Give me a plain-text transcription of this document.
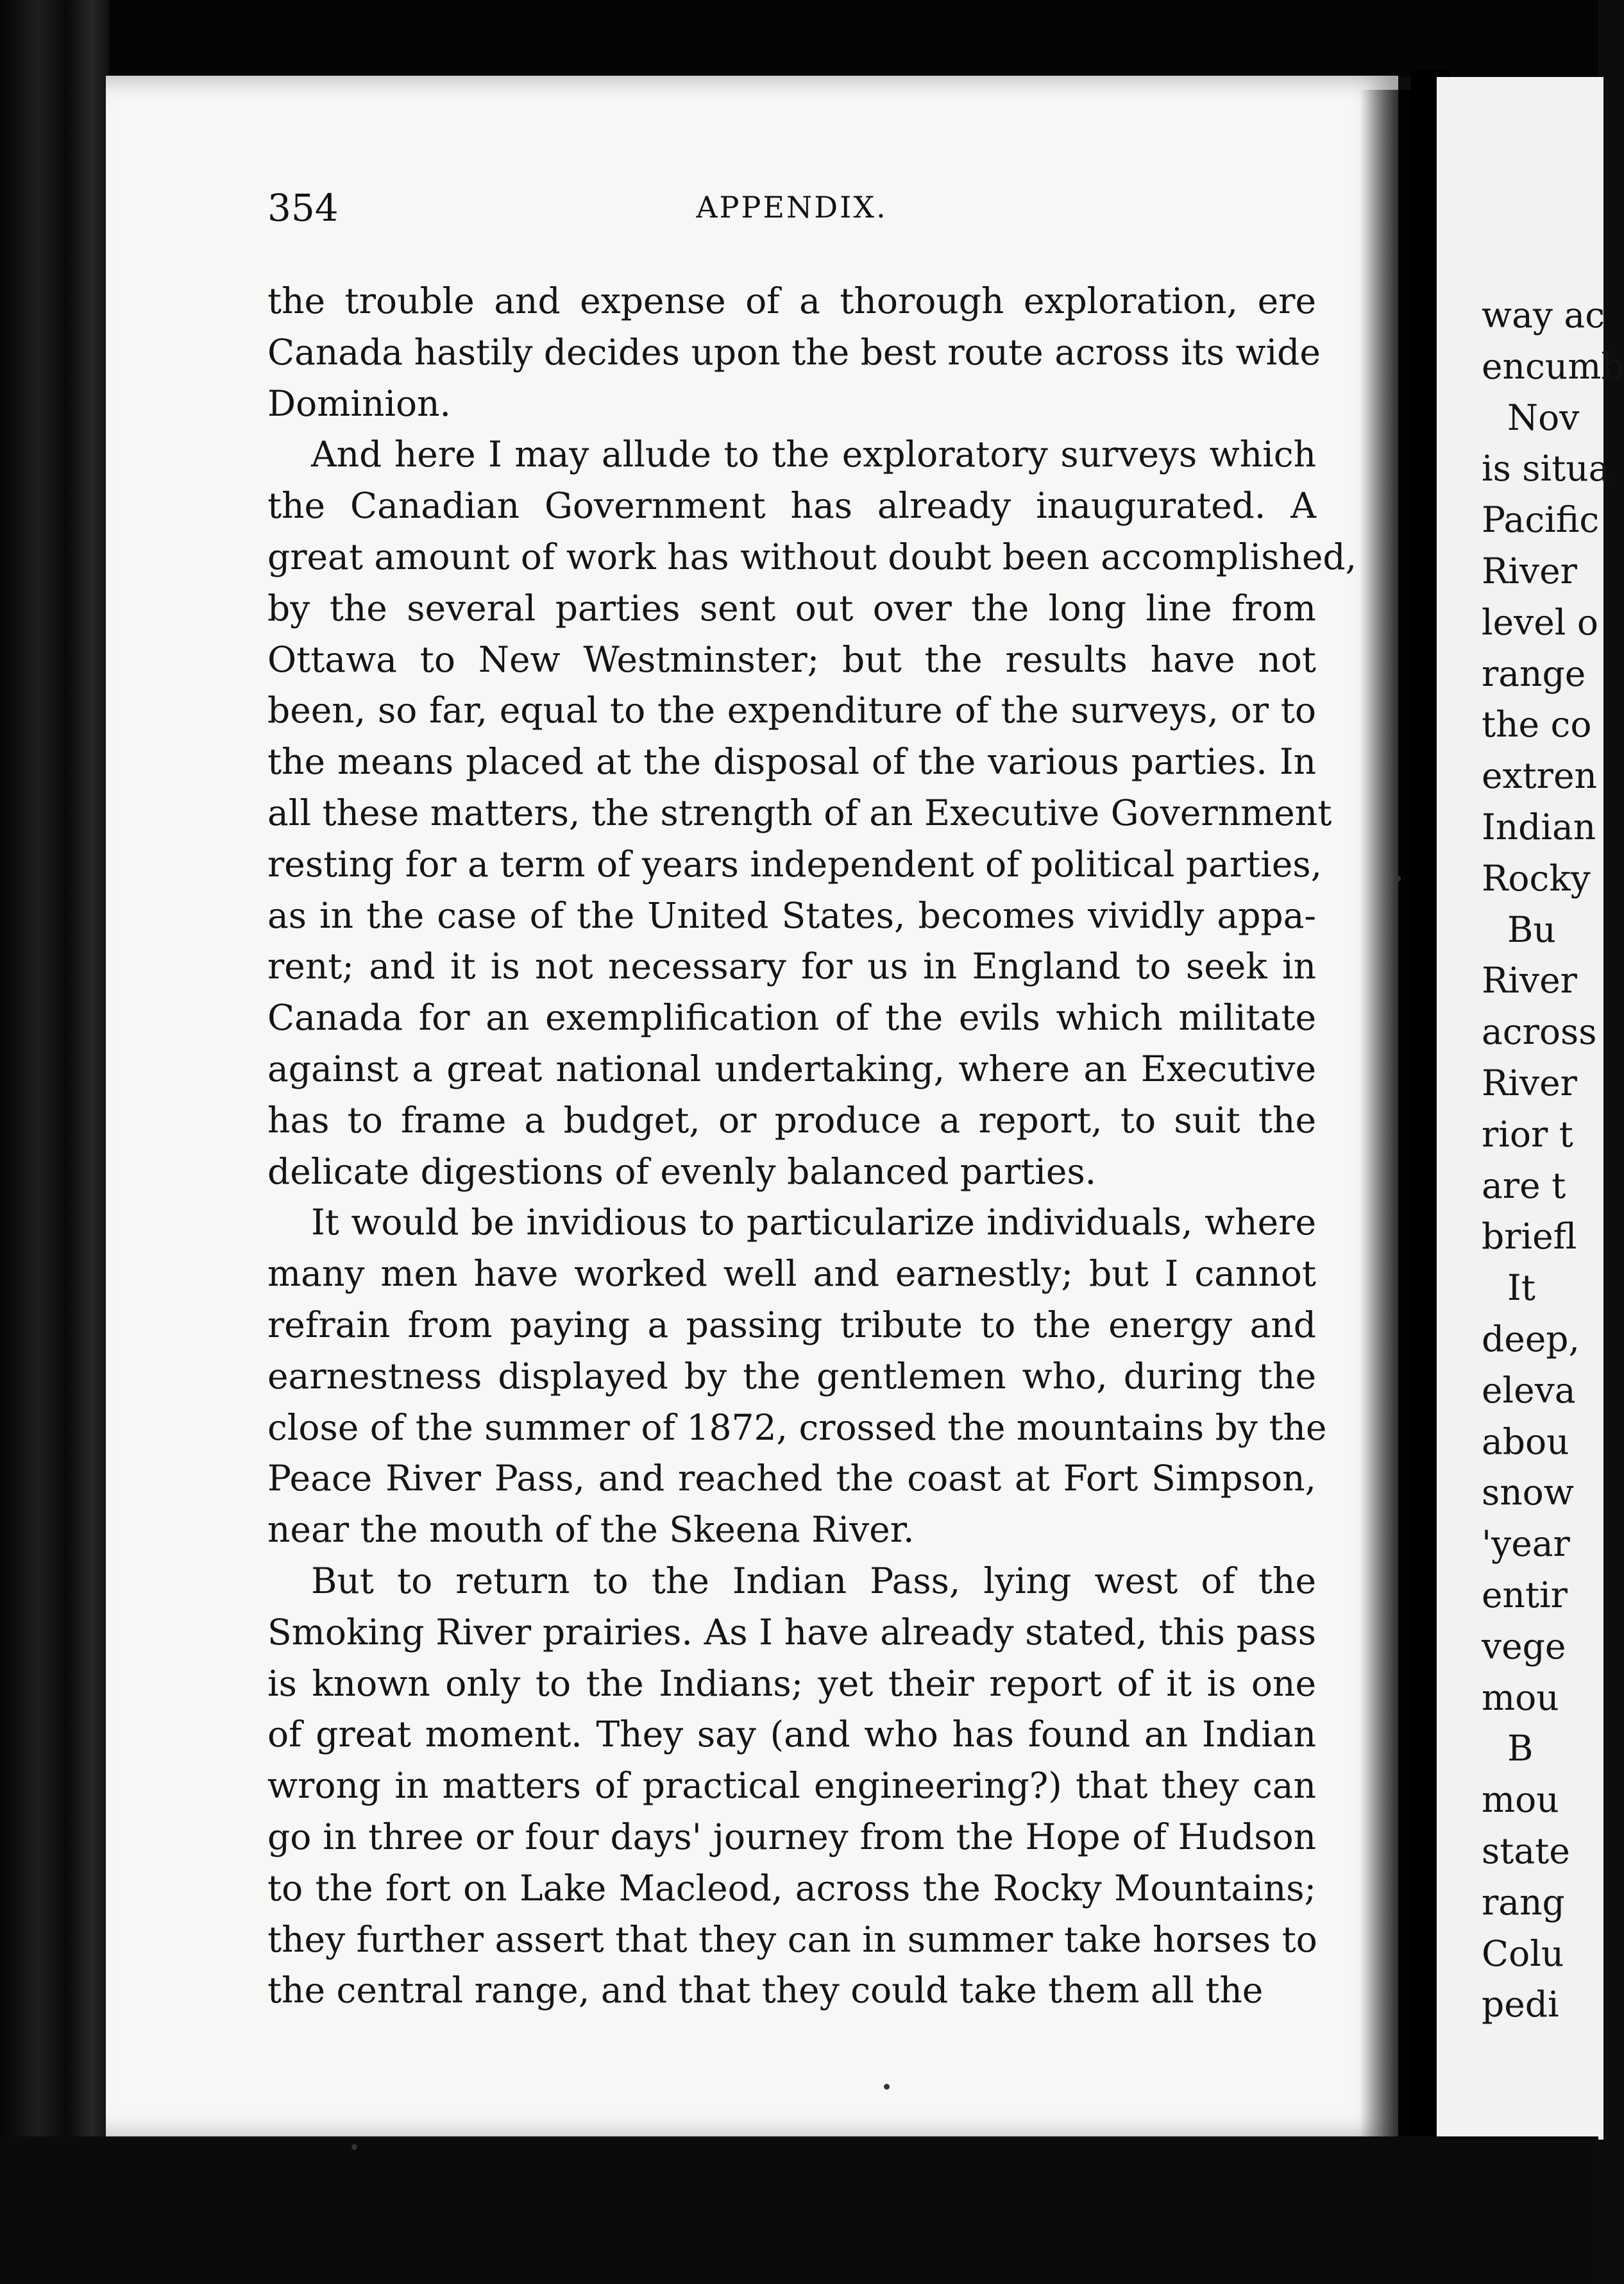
354	APPENDIX.
the trouble and expense of a thorough exploration, ere
Canada hastily decides upon the best route across its wide
Dominion.
And here I may allude to the exploratory surveys which
the Canadian Government has already inaugurated. A
great amount of work has without doubt been accomplished,
by the several parties sent out over the long line from
Ottawa to New Westminster; but the results have not
been, so far, equal to the expenditure of the surveys, or to
the means placed at the disposal of the various parties. In
all these matters, the strength of an Executive Government
resting for a term of years independent of political parties,
as in the case of the United States, becomes vividly appa-
rent; and it is not necessary for us in England to seek in
Canada for an exemplification of the evils which militate
against a great national undertaking, where an Executive
has to frame a budget, or produce a report, to suit the
delicate digestions of evenly balanced parties.
It would be invidious to particularize individuals, where
many men have worked well and earnestly; but I cannot
refrain from paying a passing tribute to the energy and
earnestness displayed by the gentlemen who, during the
close of the summer of 1872, crossed the mountains by the
Peace River Pass, and reached the coast at Fort Simpson,
near the mouth of the Skeena River.
But to return to the Indian Pass, lying west of the
Smoking River prairies. As I have already stated, this pass
is known only to the Indians; yet their report of it is one
of great moment. They say (and who has found an Indian
wrong in matters of practical engineering?) that they can
go in three or four days' journey from the Hope of Hudson
to the fort on Lake Macleod, across the Rocky Mountains;
they further assert that they can in summer take horses to
the central range, and that they could take them all the
way ac
encumb
Nov
is situa
Pacific
River
level o
range
the co
extren
Indian
Rocky
Bu
River
across
River
rior t
are t
briefl
It
deep,
eleva
abou
snow
'year
entir
vege
mou
B
mou
state
rang
Colu
pedi
